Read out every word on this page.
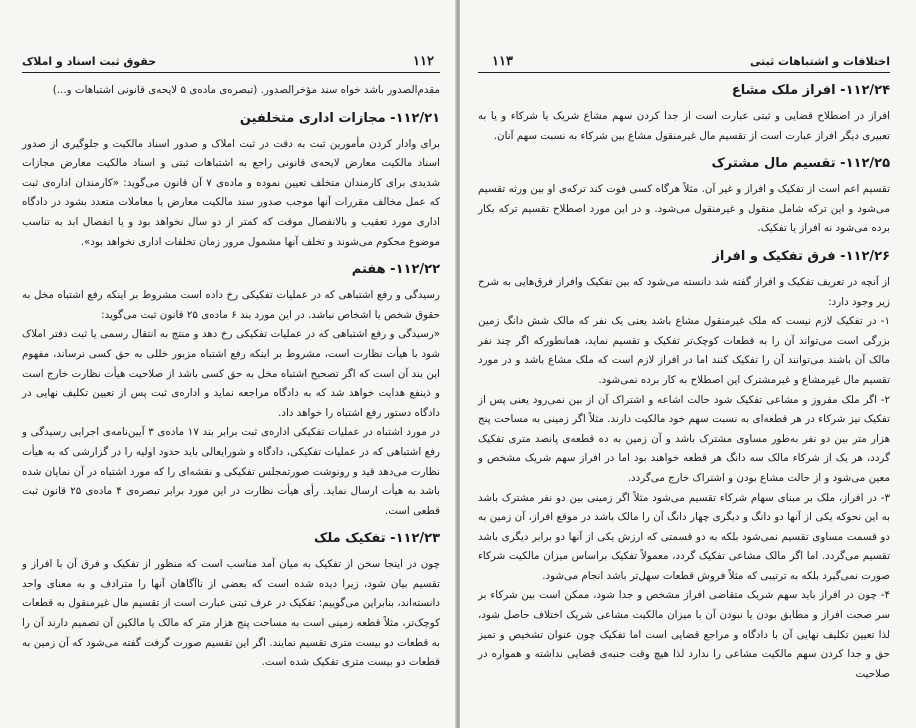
۱۱۲
حقوق ثبت اسناد و املاک

مقدم‌الصدور باشد خواه سند مؤخرالصدور. (تبصره‌ی ماده‌ی ۵ لایحه‌ی قانونی اشتباهات و...)

۱۱۲/۲۱- مجازات اداری متخلفین

برای وادار کردن مأمورین ثبت به دقت در ثبت املاک و صدور اسناد مالکیت و جلوگیری از صدور اسناد مالکیت معارض لایحه‌ی قانونی راجع به اشتباهات ثبتی و اسناد مالکیت معارض مجازات شدیدی برای کارمندان متخلف تعیین نموده و ماده‌ی ۷ آن قانون می‌گوید: «کارمندان اداره‌ی ثبت که عمل مخالف مقررات آنها موجب صدور سند مالکیت معارض یا معاملات متعدد بشود در دادگاه اداری مورد تعقیب و بالانفصال موقت که کمتر از دو سال نخواهد بود و یا انفصال ابد به تناسب موضوع محکوم می‌شوند و تخلف آنها مشمول مرور زمان تخلفات اداری نخواهد بود».

۱۱۲/۲۲- هفتم

رسیدگی و رفع اشتباهی که در عملیات تفکیکی رخ داده است مشروط بر اینکه رفع اشتباه مخل به حقوق شخص یا اشخاص نباشد. در این مورد بند ۶ ماده‌ی ۲۵ قانون ثبت می‌گوید:

«رسیدگی و رفع اشتباهی که در عملیات تفکیکی رخ دهد و منتج به انتقال رسمی یا ثبت دفتر املاک شود با هیأت نظارت است، مشروط بر اینکه رفع اشتباه مزبور خللی به حق کسی نرساند، مفهوم این بند آن است که اگر تصحیح اشتباه مخل به حق کسی باشد از صلاحیت هیأت نظارت خارج است و ذینفع هدایت خواهد شد که به دادگاه مراجعه نماید و اداره‌ی ثبت پس از تعیین تکلیف نهایی در دادگاه دستور رفع اشتباه را خواهد داد.

در مورد اشتباه در عملیات تفکیکی اداره‌ی ثبت برابر بند ۱۷ ماده‌ی ۳ آیین‌نامه‌ی اجرایی رسیدگی و رفع اشتباهی که در عملیات تفکیکی، دادگاه و شورایعالی باید حدود اولیه را در گزارشی که به هیأت نظارت می‌دهد قید و رونوشت صورتمجلس تفکیکی و نقشه‌ای را که مورد اشتباه در آن نمایان شده باشد به هیأت ارسال نماید. رأی هیأت نظارت در این مورد برابر تبصره‌ی ۴ ماده‌ی ۲۵ قانون ثبت قطعی است.

۱۱۲/۲۳- تفکیک ملک

چون در اینجا سخن از تفکیک به میان آمد مناسب است که منظور از تفکیک و فرق آن با افراز و تقسیم بیان شود، زیرا دیده شده است که بعضی از ناآگاهان آنها را مترادف و به معنای واحد دانسته‌اند، بنابراین می‌گوییم: تفکیک در عرف ثبتی عبارت است از تقسیم مال غیرمنقول به قطعات کوچک‌تر، مثلاً قطعه زمینی است به مساحت پنج هزار متر که مالک یا مالکین آن تصمیم دارند آن را به قطعات دو بیست متری تقسیم نمایند. اگر این تقسیم صورت گرفت گفته می‌شود که آن زمین به قطعات دو بیست متری تفکیک شده است.

اختلافات و اشتباهات ثبتی
۱۱۳
۱۱۲/۲۴- افراز ملک مشاع

افراز در اصطلاح قضایی و ثبتی عبارت است از جدا کردن سهم مشاع شریک یا شرکاء و یا به تعبیری دیگر افراز عبارت است از تقسیم مال غیرمنقول مشاع بین شرکاء به نسبت سهم آنان.

۱۱۲/۲۵- تقسیم مال مشترک

تقسیم اعم است از تفکیک و افراز و غیر آن. مثلاً هرگاه کسی فوت کند ترکه‌ی او بین ورثه تقسیم می‌شود و این ترکه شامل منقول و غیرمنقول می‌شود. و در این مورد اصطلاح تقسیم ترکه بکار برده می‌شود نه افراز یا تفکیک.

۱۱۲/۲۶- فرق تفکیک و افراز

از آنچه در تعریف تفکیک و افراز گفته شد دانسته می‌شود که بین تفکیک وافراز فرق‌هایی به شرح زیر وجود دارد:

۱- در تفکیک لازم نیست که ملک غیرمنقول مشاع باشد یعنی یک نفر که مالک شش دانگ زمین بزرگی است می‌تواند آن را به قطعات کوچک‌تر تفکیک و تقسیم نماید، همانطورکه اگر چند نفر مالک آن باشند می‌توانند آن را تفکیک کنند اما در افراز لازم است که ملک مشاع باشد و در مورد تقسیم مال غیرمشاع و غیرمشترک این اصطلاح به کار برده نمی‌شود.

۲- اگر ملک مفروز و مشاعی تفکیک شود حالت اشاعه و اشتراک آن از بین نمی‌رود یعنی پس از تفکیک نیز شرکاء در هر قطعه‌ای به نسبت سهم خود مالکیت دارند. مثلاً اگر زمینی به مساحت پنج هزار متر بین دو نفر به‌طور مساوی مشترک باشد و آن زمین به ده قطعه‌ی پانصد متری تفکیک گردد، هر یک از شرکاء مالک سه دانگ هر قطعه خواهند بود اما در افراز سهم شریک مشخص و معین می‌شود و از حالت مشاع بودن و اشتراک خارج می‌گردد.

۳- در افراز، ملک بر مبنای سهام شرکاء تقسیم می‌شود مثلاً اگر زمینی بین دو نفر مشترک باشد به این نحوکه یکی از آنها دو دانگ و دیگری چهار دانگ آن را مالک باشد در موقع افراز، آن زمین به دو قسمت مساوی تقسیم نمی‌شود بلکه به دو قسمتی که ارزش یکی از آنها دو برابر دیگری باشد تقسیم می‌گردد. اما اگر مالک مشاعی تفکیک گردد، معمولاً تفکیک براساس میزان مالکیت شرکاء صورت نمی‌گیرد بلکه به ترتیبی که مثلاً فروش قطعات سهل‌تر باشد انجام می‌شود.

۴- چون در افراز باید سهم شریک متقاضی افراز مشخص و جدا شود، ممکن است بین شرکاء بر سر صحت افراز و مطابق بودن یا نبودن آن با میزان مالکیت مشاعی شریک اختلاف حاصل شود، لذا تعیین تکلیف نهایی آن با دادگاه و مراجع قضایی است اما تفکیک چون عنوان تشخیص و تمیز حق و جدا کردن سهم مالکیت مشاعی را ندارد لذا هیچ وقت جنبه‌ی قضایی نداشته و همواره در صلاحیت
